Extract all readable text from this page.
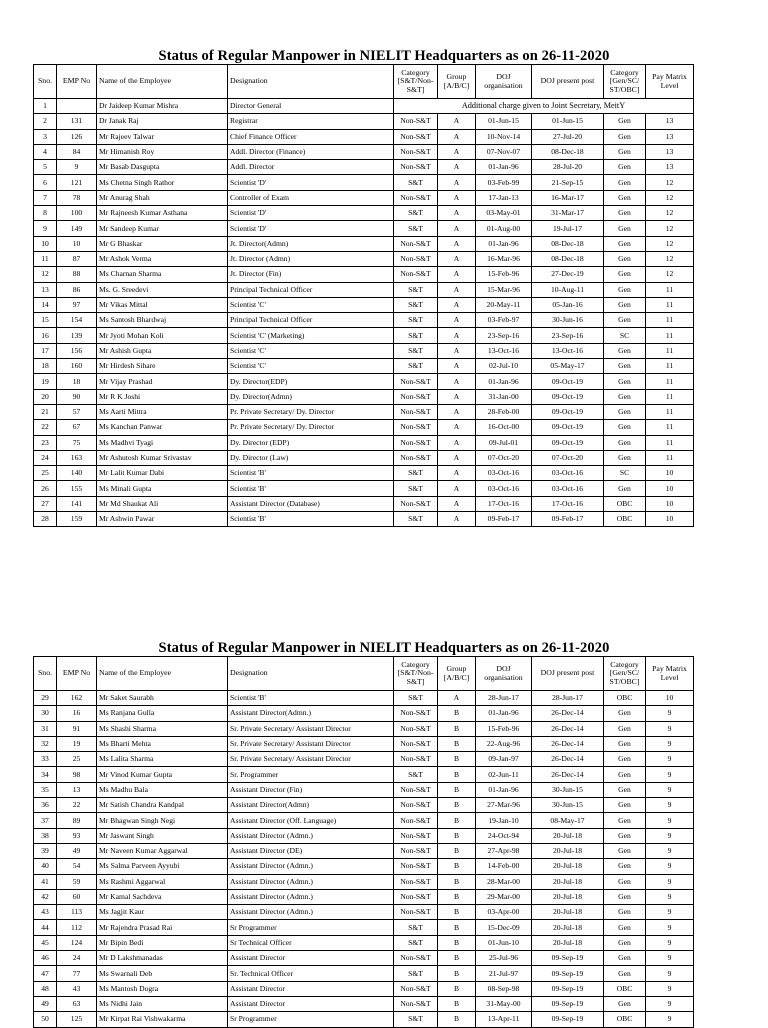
Status of Regular Manpower in NIELIT Headquarters as on 26-11-2020
Sno.	EMP No	Name of the Employee	Designation	Category [S&T/Non-S&T]	Group [A/B/C]	DOJ organisation	DOJ present post	Category [Gen/SC/ ST/OBC]	Pay Matrix Level
1		Dr Jaideep Kumar Mishra	Director General	Additional charge given to Joint Secretary, MeitY					
2	131	Dr Janak Raj	Registrar	Non-S&T	A	01-Jun-15	01-Jun-15	Gen	13
3	126	Mr Rajeev Talwar	Chief Finance Officer	Non-S&T	A	10-Nov-14	27-Jul-20	Gen	13
4	84	Mr Himanish Roy	Addl. Director (Finance)	Non-S&T	A	07-Nov-07	08-Dec-18	Gen	13
5	9	Mr Basab Dasgupta	Addl. Director	Non-S&T	A	01-Jan-96	28-Jul-20	Gen	13
6	121	Ms Chetna Singh Rathor	Scientist 'D'	S&T	A	03-Feb-99	21-Sep-15	Gen	12
7	78	Mr Anurag Shah	Controller of Exam	Non-S&T	A	17-Jan-13	16-Mar-17	Gen	12
8	100	Mr Rajneesh Kumar Asthana	Scientist 'D'	S&T	A	03-May-01	31-Mar-17	Gen	12
9	149	Mr Sandeep Kumar	Scientist 'D'	S&T	A	01-Aug-00	19-Jul-17	Gen	12
10	10	Mr G Bhaskar	Jt. Director(Admn)	Non-S&T	A	01-Jan-96	08-Dec-18	Gen	12
11	87	Mr Ashok Verma	Jt. Director (Admn)	Non-S&T	A	16-Mar-96	08-Dec-18	Gen	12
12	88	Ms Charnan Sharma	Jt. Director (Fin)	Non-S&T	A	15-Feb-96	27-Dec-19	Gen	12
13	86	Ms. G. Sreedevi	Principal Technical Officer	S&T	A	15-Mar-96	10-Aug-11	Gen	11
14	97	Mr Vikas Mittal	Scientist 'C'	S&T	A	20-May-11	05-Jan-16	Gen	11
15	154	Ms Santosh Bhardwaj	Principal Technical Officer	S&T	A	03-Feb-97	30-Jun-16	Gen	11
16	139	Mr Jyoti Mohan Koli	Scientist 'C' (Marketing)	S&T	A	23-Sep-16	23-Sep-16	SC	11
17	156	Mr Ashish Gupta	Scientist 'C'	S&T	A	13-Oct-16	13-Oct-16	Gen	11
18	160	Mr Hirdesh Sihare	Scientist 'C'	S&T	A	02-Jul-10	05-May-17	Gen	11
19	18	Mr Vijay Prashad	Dy. Director(EDP)	Non-S&T	A	01-Jan-96	09-Oct-19	Gen	11
20	90	Mr R K Joshi	Dy. Director(Admn)	Non-S&T	A	31-Jan-00	09-Oct-19	Gen	11
21	57	Ms Aarti Mittra	Pr. Private Secretary/ Dy. Director	Non-S&T	A	28-Feb-00	09-Oct-19	Gen	11
22	67	Ms Kanchan Panwar	Pr. Private Secretary/ Dy. Director	Non-S&T	A	16-Oct-00	09-Oct-19	Gen	11
23	75	Ms Madhvi Tyagi	Dy. Director (EDP)	Non-S&T	A	09-Jul-01	09-Oct-19	Gen	11
24	163	Mr Ashutosh Kumar Srivastav	Dy. Director (Law)	Non-S&T	A	07-Oct-20	07-Oct-20	Gen	11
25	140	Mr Lalit Kumar Dabi	Scientist 'B'	S&T	A	03-Oct-16	03-Oct-16	SC	10
26	155	Ms Minali Gupta	Scientist 'B'	S&T	A	03-Oct-16	03-Oct-16	Gen	10
27	141	Mr Md Shaukat Ali	Assistant Director (Database)	Non-S&T	A	17-Oct-16	17-Oct-16	OBC	10
28	159	Mr Ashwin Pawar	Scientist 'B'	S&T	A	09-Feb-17	09-Feb-17	OBC	10
Status of Regular Manpower in NIELIT Headquarters as on 26-11-2020
Sno.	EMP No	Name of the Employee	Designation	Category [S&T/Non-S&T]	Group [A/B/C]	DOJ organisation	DOJ present post	Category [Gen/SC/ ST/OBC]	Pay Matrix Level
29	162	Mr Saket Saurabh	Scientist 'B'	S&T	A	28-Jun-17	28-Jun-17	OBC	10
30	16	Ms Ranjana Gulla	Assistant Director(Admn.)	Non-S&T	B	01-Jan-96	26-Dec-14	Gen	9
31	91	Ms Shashi Sharma	Sr. Private Secretary/ Assistant Director	Non-S&T	B	15-Feb-96	26-Dec-14	Gen	9
32	19	Ms Bharti Mehta	Sr. Private Secretary/ Assistant Director	Non-S&T	B	22-Aug-96	26-Dec-14	Gen	9
33	25	Ms Lalita Sharma	Sr. Private Secretary/ Assistant Director	Non-S&T	B	09-Jan-97	26-Dec-14	Gen	9
34	98	Mr Vinod Kumar Gupta	Sr. Programmer	S&T	B	02-Jun-11	26-Dec-14	Gen	9
35	13	Ms Madhu Bala	Assistant Director (Fin)	Non-S&T	B	01-Jan-96	30-Jun-15	Gen	9
36	22	Mr Satish Chandra Kandpal	Assistant Director(Admn)	Non-S&T	B	27-Mar-96	30-Jun-15	Gen	9
37	89	Mr Bhagwan Singh Negi	Assistant Director (Off. Language)	Non-S&T	B	19-Jan-10	08-May-17	Gen	9
38	93	Mr Jaswant Singh	Assistant Director (Admn.)	Non-S&T	B	24-Oct-94	20-Jul-18	Gen	9
39	49	Mr Naveen Kumar Aggarwal	Assistant Director (DE)	Non-S&T	B	27-Apr-98	20-Jul-18	Gen	9
40	54	Ms Salma Parveen Ayyubi	Assistant Director (Admn.)	Non-S&T	B	14-Feb-00	20-Jul-18	Gen	9
41	59	Ms Rashmi Aggarwal	Assistant Director (Admn.)	Non-S&T	B	28-Mar-00	20-Jul-18	Gen	9
42	60	Mr Kamal Sachdeva	Assistant Director (Admn.)	Non-S&T	B	29-Mar-00	20-Jul-18	Gen	9
43	113	Ms Jagjit Kaur	Assistant Director (Admn.)	Non-S&T	B	03-Apr-00	20-Jul-18	Gen	9
44	112	Mr Rajendra Prasad Rai	Sr Programmer	S&T	B	15-Dec-09	20-Jul-18	Gen	9
45	124	Mr Bipin Bedi	Sr Technical Officer	S&T	B	01-Jun-10	20-Jul-18	Gen	9
46	24	Mr D Lakshmanadas	Assistant Director	Non-S&T	B	25-Jul-96	09-Sep-19	Gen	9
47	77	Ms Swarnali Deb	Sr. Technical Officer	S&T	B	21-Jul-97	09-Sep-19	Gen	9
48	43	Ms Mantosh Dogra	Assistant Director	Non-S&T	B	08-Sep-98	09-Sep-19	OBC	9
49	63	Ms Nidhi Jain	Assistant Director	Non-S&T	B	31-May-00	09-Sep-19	Gen	9
50	125	Mr Kirpat Rai Vishwakarma	Sr Programmer	S&T	B	13-Apr-11	09-Sep-19	OBC	9
